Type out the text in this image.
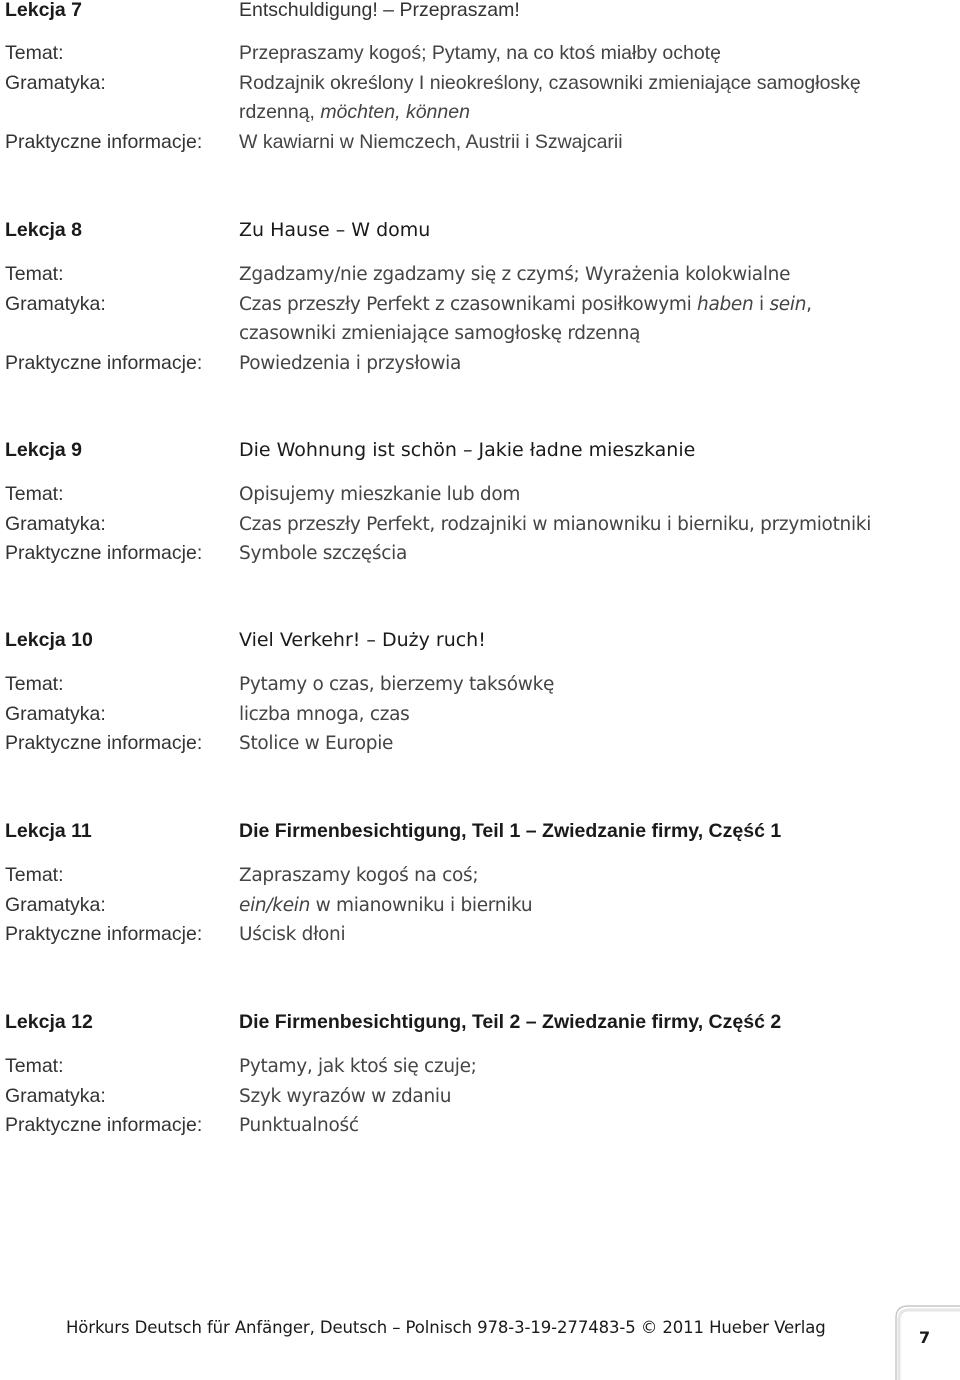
Lekcja 7	Entschuldigung! – Przepraszam!
Temat:	Przepraszamy kogoś; Pytamy, na co ktoś miałby ochotę
Gramatyka:	Rodzajnik określony I nieokreślony, czasowniki zmieniające samogłoskę
rdzenną, möchten, können
Praktyczne informacje:	W kawiarni w Niemczech, Austrii i Szwajcarii
Lekcja 8	Zu Hause – W domu
Temat:	Zgadzamy/nie zgadzamy się z czymś; Wyrażenia kolokwialne
Gramatyka:	Czas przeszły Perfekt z czasownikami posiłkowymi haben i sein,
czasowniki zmieniające samogłoskę rdzenną
Praktyczne informacje:	Powiedzenia i przysłowia
Lekcja 9	Die Wohnung ist schön – Jakie ładne mieszkanie
Temat:	Opisujemy mieszkanie lub dom
Gramatyka:	Czas przeszły Perfekt, rodzajniki w mianowniku i bierniku, przymiotniki
Praktyczne informacje:	Symbole szczęścia
Lekcja 10	Viel Verkehr! – Duży ruch!
Temat:	Pytamy o czas, bierzemy taksówkę
Gramatyka:	liczba mnoga, czas
Praktyczne informacje:	Stolice w Europie
Lekcja 11	Die Firmenbesichtigung, Teil 1 – Zwiedzanie firmy, Część 1
Temat:	Zapraszamy kogoś na coś;
Gramatyka:	ein/kein w mianowniku i bierniku
Praktyczne informacje:	Uścisk dłoni
Lekcja 12	Die Firmenbesichtigung, Teil 2 – Zwiedzanie firmy, Część 2
Temat:	Pytamy, jak ktoś się czuje;
Gramatyka:	Szyk wyrazów w zdaniu
Praktyczne informacje:	Punktualność
Hörkurs Deutsch für Anfänger, Deutsch – Polnisch 978-3-19-277483-5 © 2011 Hueber Verlag
7
